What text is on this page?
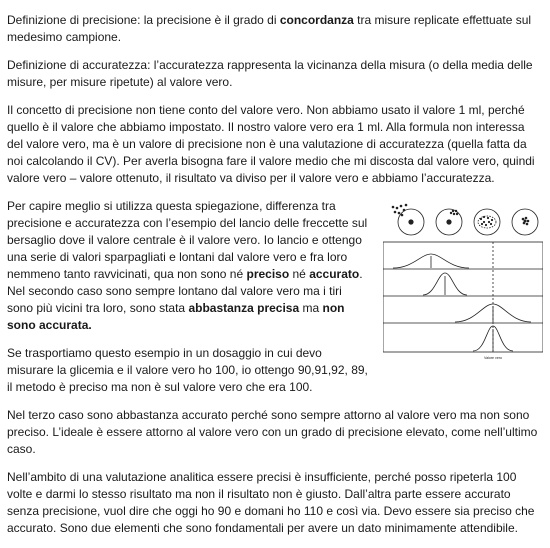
Definizione di precisione: la precisione è il grado di concordanza tra misure replicate effettuate sul medesimo campione.

Definizione di accuratezza: l’accuratezza rappresenta la vicinanza della misura (o della media delle misure, per misure ripetute) al valore vero.

Il concetto di precisione non tiene conto del valore vero. Non abbiamo usato il valore 1 ml, perché quello è il valore che abbiamo impostato. Il nostro valore vero era 1 ml. Alla formula non interessa del valore vero, ma è un valore di precisione non è una valutazione di accuratezza (quella fatta da noi calcolando il CV). Per averla bisogna fare il valore medio che mi discosta dal valore vero, quindi valore vero – valore ottenuto, il risultato va diviso per il valore vero e abbiamo l’accuratezza.

Per capire meglio si utilizza questa spiegazione, differenza tra precisione e accuratezza con l’esempio del lancio delle freccette sul bersaglio dove il valore centrale è il valore vero. Io lancio e ottengo una serie di valori sparpagliati e lontani dal valore vero e fra loro nemmeno tanto ravvicinati, qua non sono né preciso né accurato. Nel secondo caso sono sempre lontano dal valore vero ma i tiri sono più vicini tra loro, sono stata abbastanza precisa ma non sono accurata.

Se trasportiamo questo esempio in un dosaggio in cui devo misurare la glicemia e il valore vero ho 100, io ottengo 90,91,92, 89, il metodo è preciso ma non è sul valore vero che era 100.

Valore vero

Nel terzo caso sono abbastanza accurato perché sono sempre attorno al valore vero ma non sono preciso. L’ideale è essere attorno al valore vero con un grado di precisione elevato, come nell’ultimo caso.

Nell’ambito di una valutazione analitica essere precisi è insufficiente, perché posso ripeterla 100 volte e darmi lo stesso risultato ma non il risultato non è giusto. Dall’altra parte essere accurato senza precisione, vuol dire che oggi ho 90 e domani ho 110 e così via. Devo essere sia preciso che accurato. Sono due elementi che sono fondamentali per avere un dato minimamente attendibile.
